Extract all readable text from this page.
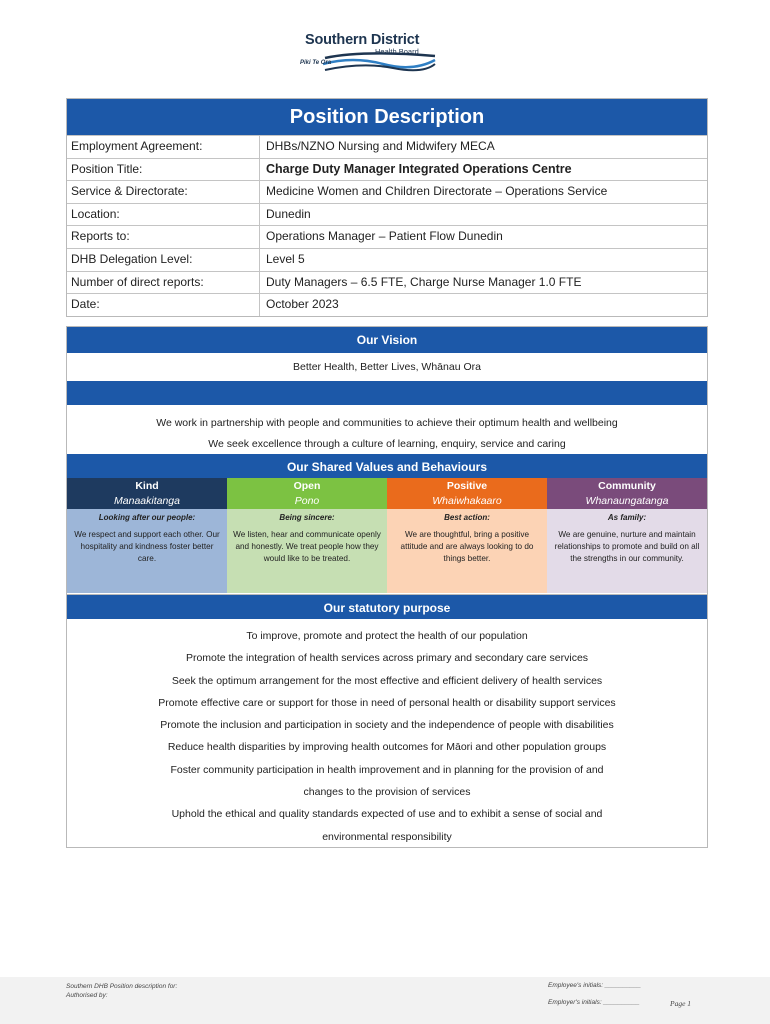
Southern District
Health Board
Piki Te Ora
Position Description
Employment Agreement:	DHBs/NZNO Nursing and Midwifery MECA
Position Title:	Charge Duty Manager Integrated Operations Centre
Service & Directorate:	Medicine Women and Children Directorate – Operations Service
Location:	Dunedin
Reports to:	Operations Manager – Patient Flow Dunedin
DHB Delegation Level:	Level 5
Number of direct reports:	Duty Managers – 6.5 FTE, Charge Nurse Manager 1.0 FTE
Date:	October 2023
Our Vision
Better Health, Better Lives, Whānau Ora
We work in partnership with people and communities to achieve their optimum health and wellbeing
We seek excellence through a culture of learning, enquiry, service and caring
Our Shared Values and Behaviours
Kind
Manaakitanga
Looking after our people:
We respect and support each other. Our hospitality and kindness foster better care.
Open
Pono
Being sincere:
We listen, hear and communicate openly and honestly. We treat people how they would like to be treated.
Positive
Whaiwhakaaro
Best action:
We are thoughtful, bring a positive attitude and are always looking to do things better.
Community
Whanaungatanga
As family:
We are genuine, nurture and maintain relationships to promote and build on all the strengths in our community.
Our statutory purpose
To improve, promote and protect the health of our population
Promote the integration of health services across primary and secondary care services
Seek the optimum arrangement for the most effective and efficient delivery of health services
Promote effective care or support for those in need of personal health or disability support services
Promote the inclusion and participation in society and the independence of people with disabilities
Reduce health disparities by improving health outcomes for Māori and other population groups
Foster community participation in health improvement and in planning for the provision of and
changes to the provision of services
Uphold the ethical and quality standards expected of use and to exhibit a sense of social and
environmental responsibility
Southern DHB Position description for:
Authorised by:
Employee's initials: __________
Employer's initials: __________	Page 1
